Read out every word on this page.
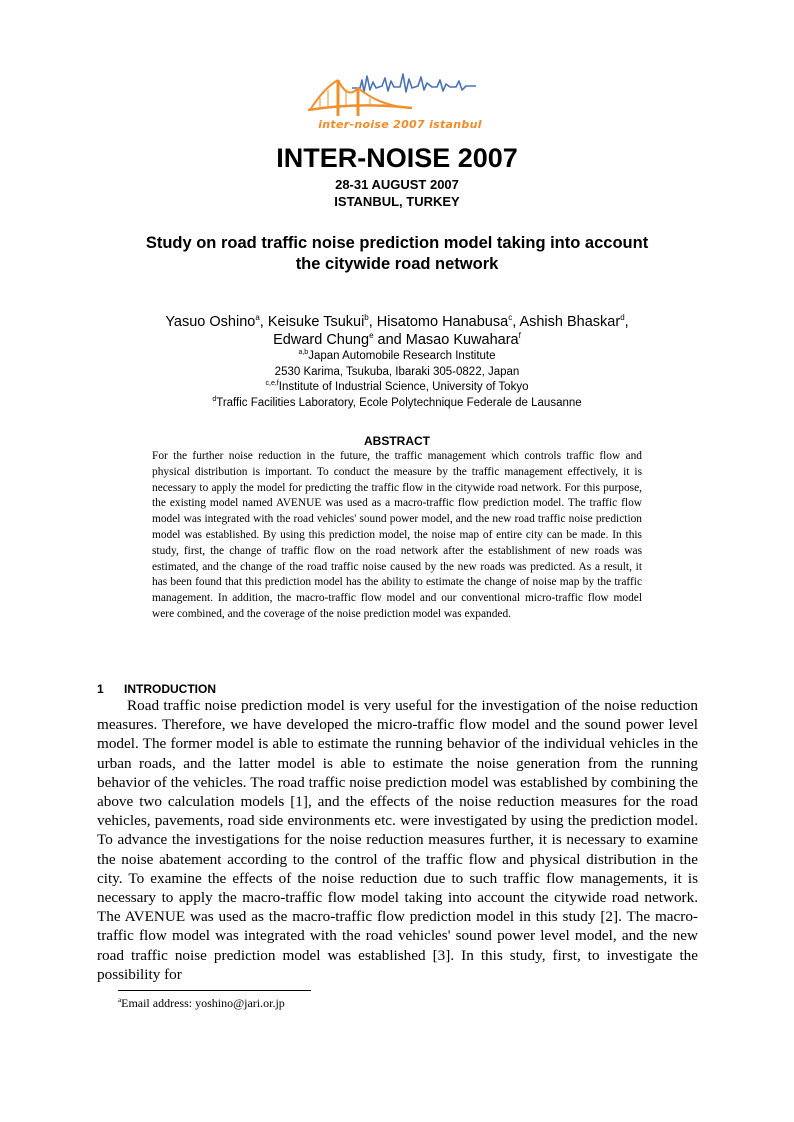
inter-noise 2007 istanbul
INTER-NOISE 2007
28-31 AUGUST 2007
ISTANBUL, TURKEY
Study on road traffic noise prediction model taking into account
the citywide road network
Yasuo Oshino$^a$, Keisuke Tsukui$^b$, Hisatomo Hanabusa$^c$, Ashish Bhaskar$^d$,
Edward Chung$^e$ and Masao Kuwahara$^f$
$^{a,b}$Japan Automobile Research Institute
2530 Karima, Tsukuba, Ibaraki 305-0822, Japan
$^{c,e,f}$Institute of Industrial Science, University of Tokyo
$^d$Traffic Facilities Laboratory, Ecole Polytechnique Federale de Lausanne
ABSTRACT
For the further noise reduction in the future, the traffic management which controls traffic flow and physical distribution is important. To conduct the measure by the traffic management effectively, it is necessary to apply the model for predicting the traffic flow in the citywide road network. For this purpose, the existing model named AVENUE was used as a macro-traffic flow prediction model. The traffic flow model was integrated with the road vehicles' sound power model, and the new road traffic noise prediction model was established. By using this prediction model, the noise map of entire city can be made. In this study, first, the change of traffic flow on the road network after the establishment of new roads was estimated, and the change of the road traffic noise caused by the new roads was predicted. As a result, it has been found that this prediction model has the ability to estimate the change of noise map by the traffic management. In addition, the macro-traffic flow model and our conventional micro-traffic flow model were combined, and the coverage of the noise prediction model was expanded.
1 INTRODUCTION
Road traffic noise prediction model is very useful for the investigation of the noise reduction measures. Therefore, we have developed the micro-traffic flow model and the sound power level model. The former model is able to estimate the running behavior of the individual vehicles in the urban roads, and the latter model is able to estimate the noise generation from the running behavior of the vehicles. The road traffic noise prediction model was established by combining the above two calculation models [1], and the effects of the noise reduction measures for the road vehicles, pavements, road side environments etc. were investigated by using the prediction model. To advance the investigations for the noise reduction measures further, it is necessary to examine the noise abatement according to the control of the traffic flow and physical distribution in the city. To examine the effects of the noise reduction due to such traffic flow managements, it is necessary to apply the macro-traffic flow model taking into account the citywide road network. The AVENUE was used as the macro-traffic flow prediction model in this study [2]. The macro-traffic flow model was integrated with the road vehicles' sound power level model, and the new road traffic noise prediction model was established [3]. In this study, first, to investigate the possibility for
$^a$Email address: yoshino@jari.or.jp
